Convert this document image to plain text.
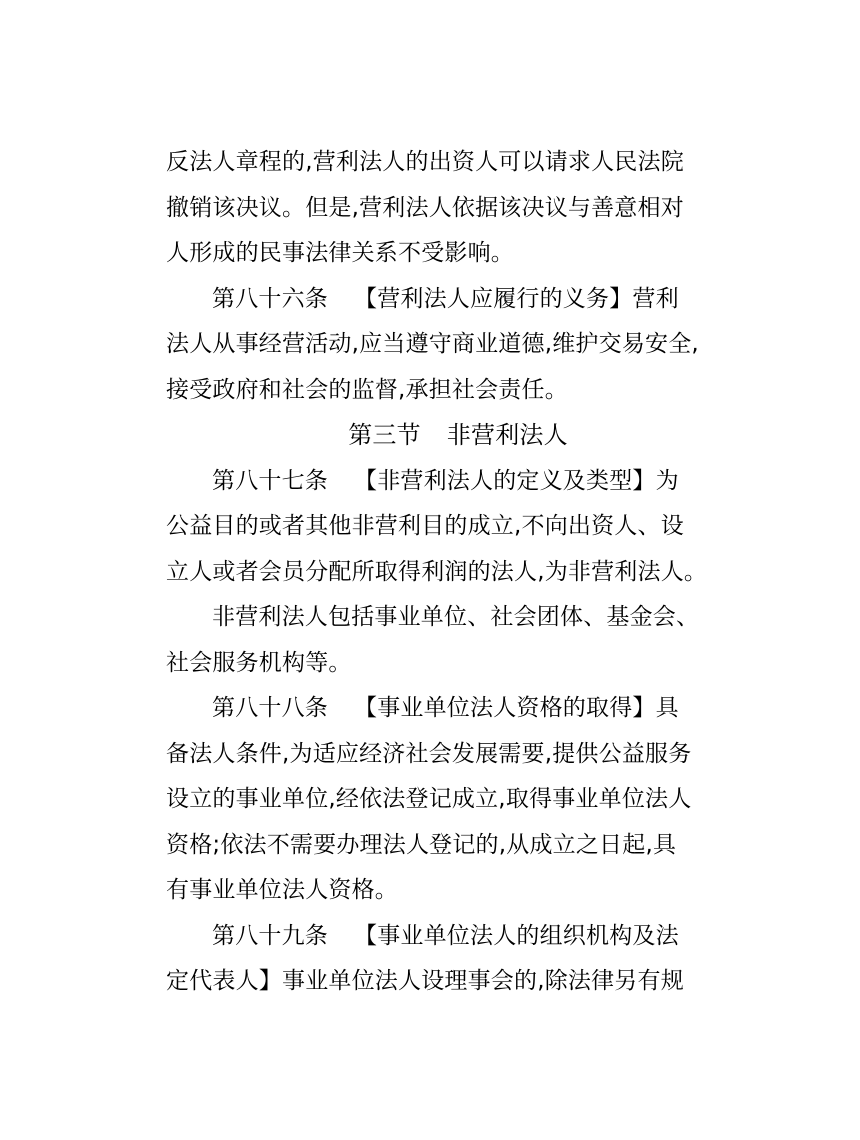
反法人章程的,营利法人的出资人可以请求人民法院
撤销该决议。但是,营利法人依据该决议与善意相对
人形成的民事法律关系不受影响。
第八十六条 【营利法人应履行的义务】营利
法人从事经营活动,应当遵守商业道德,维护交易安全,
接受政府和社会的监督,承担社会责任。
第三节 非营利法人
第八十七条 【非营利法人的定义及类型】为
公益目的或者其他非营利目的成立,不向出资人、设
立人或者会员分配所取得利润的法人,为非营利法人。
非营利法人包括事业单位、社会团体、基金会、
社会服务机构等。
第八十八条 【事业单位法人资格的取得】具
备法人条件,为适应经济社会发展需要,提供公益服务
设立的事业单位,经依法登记成立,取得事业单位法人
资格;依法不需要办理法人登记的,从成立之日起,具
有事业单位法人资格。
第八十九条 【事业单位法人的组织机构及法
定代表人】事业单位法人设理事会的,除法律另有规
